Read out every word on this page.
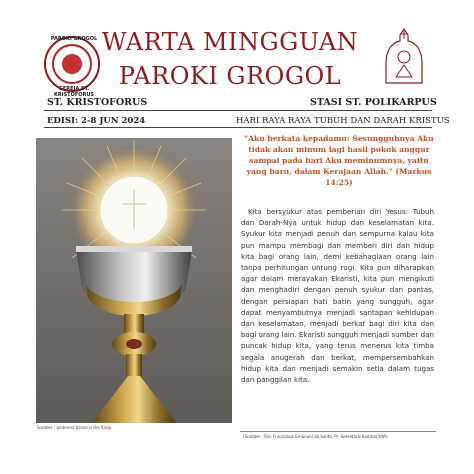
PAROKI GROGOL
GEREJA ST. KRISTOFORUS
WARTA MINGGUAN
PAROKI GROGOL
ST. KRISTOFORUS	STASI ST. POLIKARPUS
EDISI: 2-8 JUN 2024	HARI RAYA RAYA TUBUH DAN DARAH KRISTUS
Sumber : pinterest (Jesus is the King)
"Aku berkata kepadamu: Sesungguhnya Aku tidak akan minum lagi hasil pokok anggur sampai pada hari Aku meminumnya, yaitu yang baru, dalam Kerajaan Allah." (Markus 14:25)
Kita bersyukur atas pemberian diri Yesus: Tubuh dan Darah-Nya untuk hidup dan keselamatan kita. Syukur kita menjadi penuh dan sempurna kalau kita pun mampu membagi dan memberi diri dan hidup kita bagi orang lain, demi kebahagiaan orang lain tanpa perhitungan untung rugi. Kita pun diharapkan agar dalam merayakan Ekaristi, kita pun mengikuti dan menghadiri dengan penuh syukur dan pantas, dengan persiapan hati batin yang sungguh, agar dapat menyambutnya menjadi santapan kehidupan dan keselamatan, menjadi berkat bagi diri kita dan bagi orang lain. Ekaristi sungguh menjadi sumber dan puncak hidup kita, yang terus menerus kita timba segala anugerah dan berkat, mempersembahkan hidup kita dan menjadi semakin setia dalam tugas dan panggilan kita.
(Sumber : Rm. Fransiskus Emanuel da Santo, Pr. Sekretaris Komkat KWI)
